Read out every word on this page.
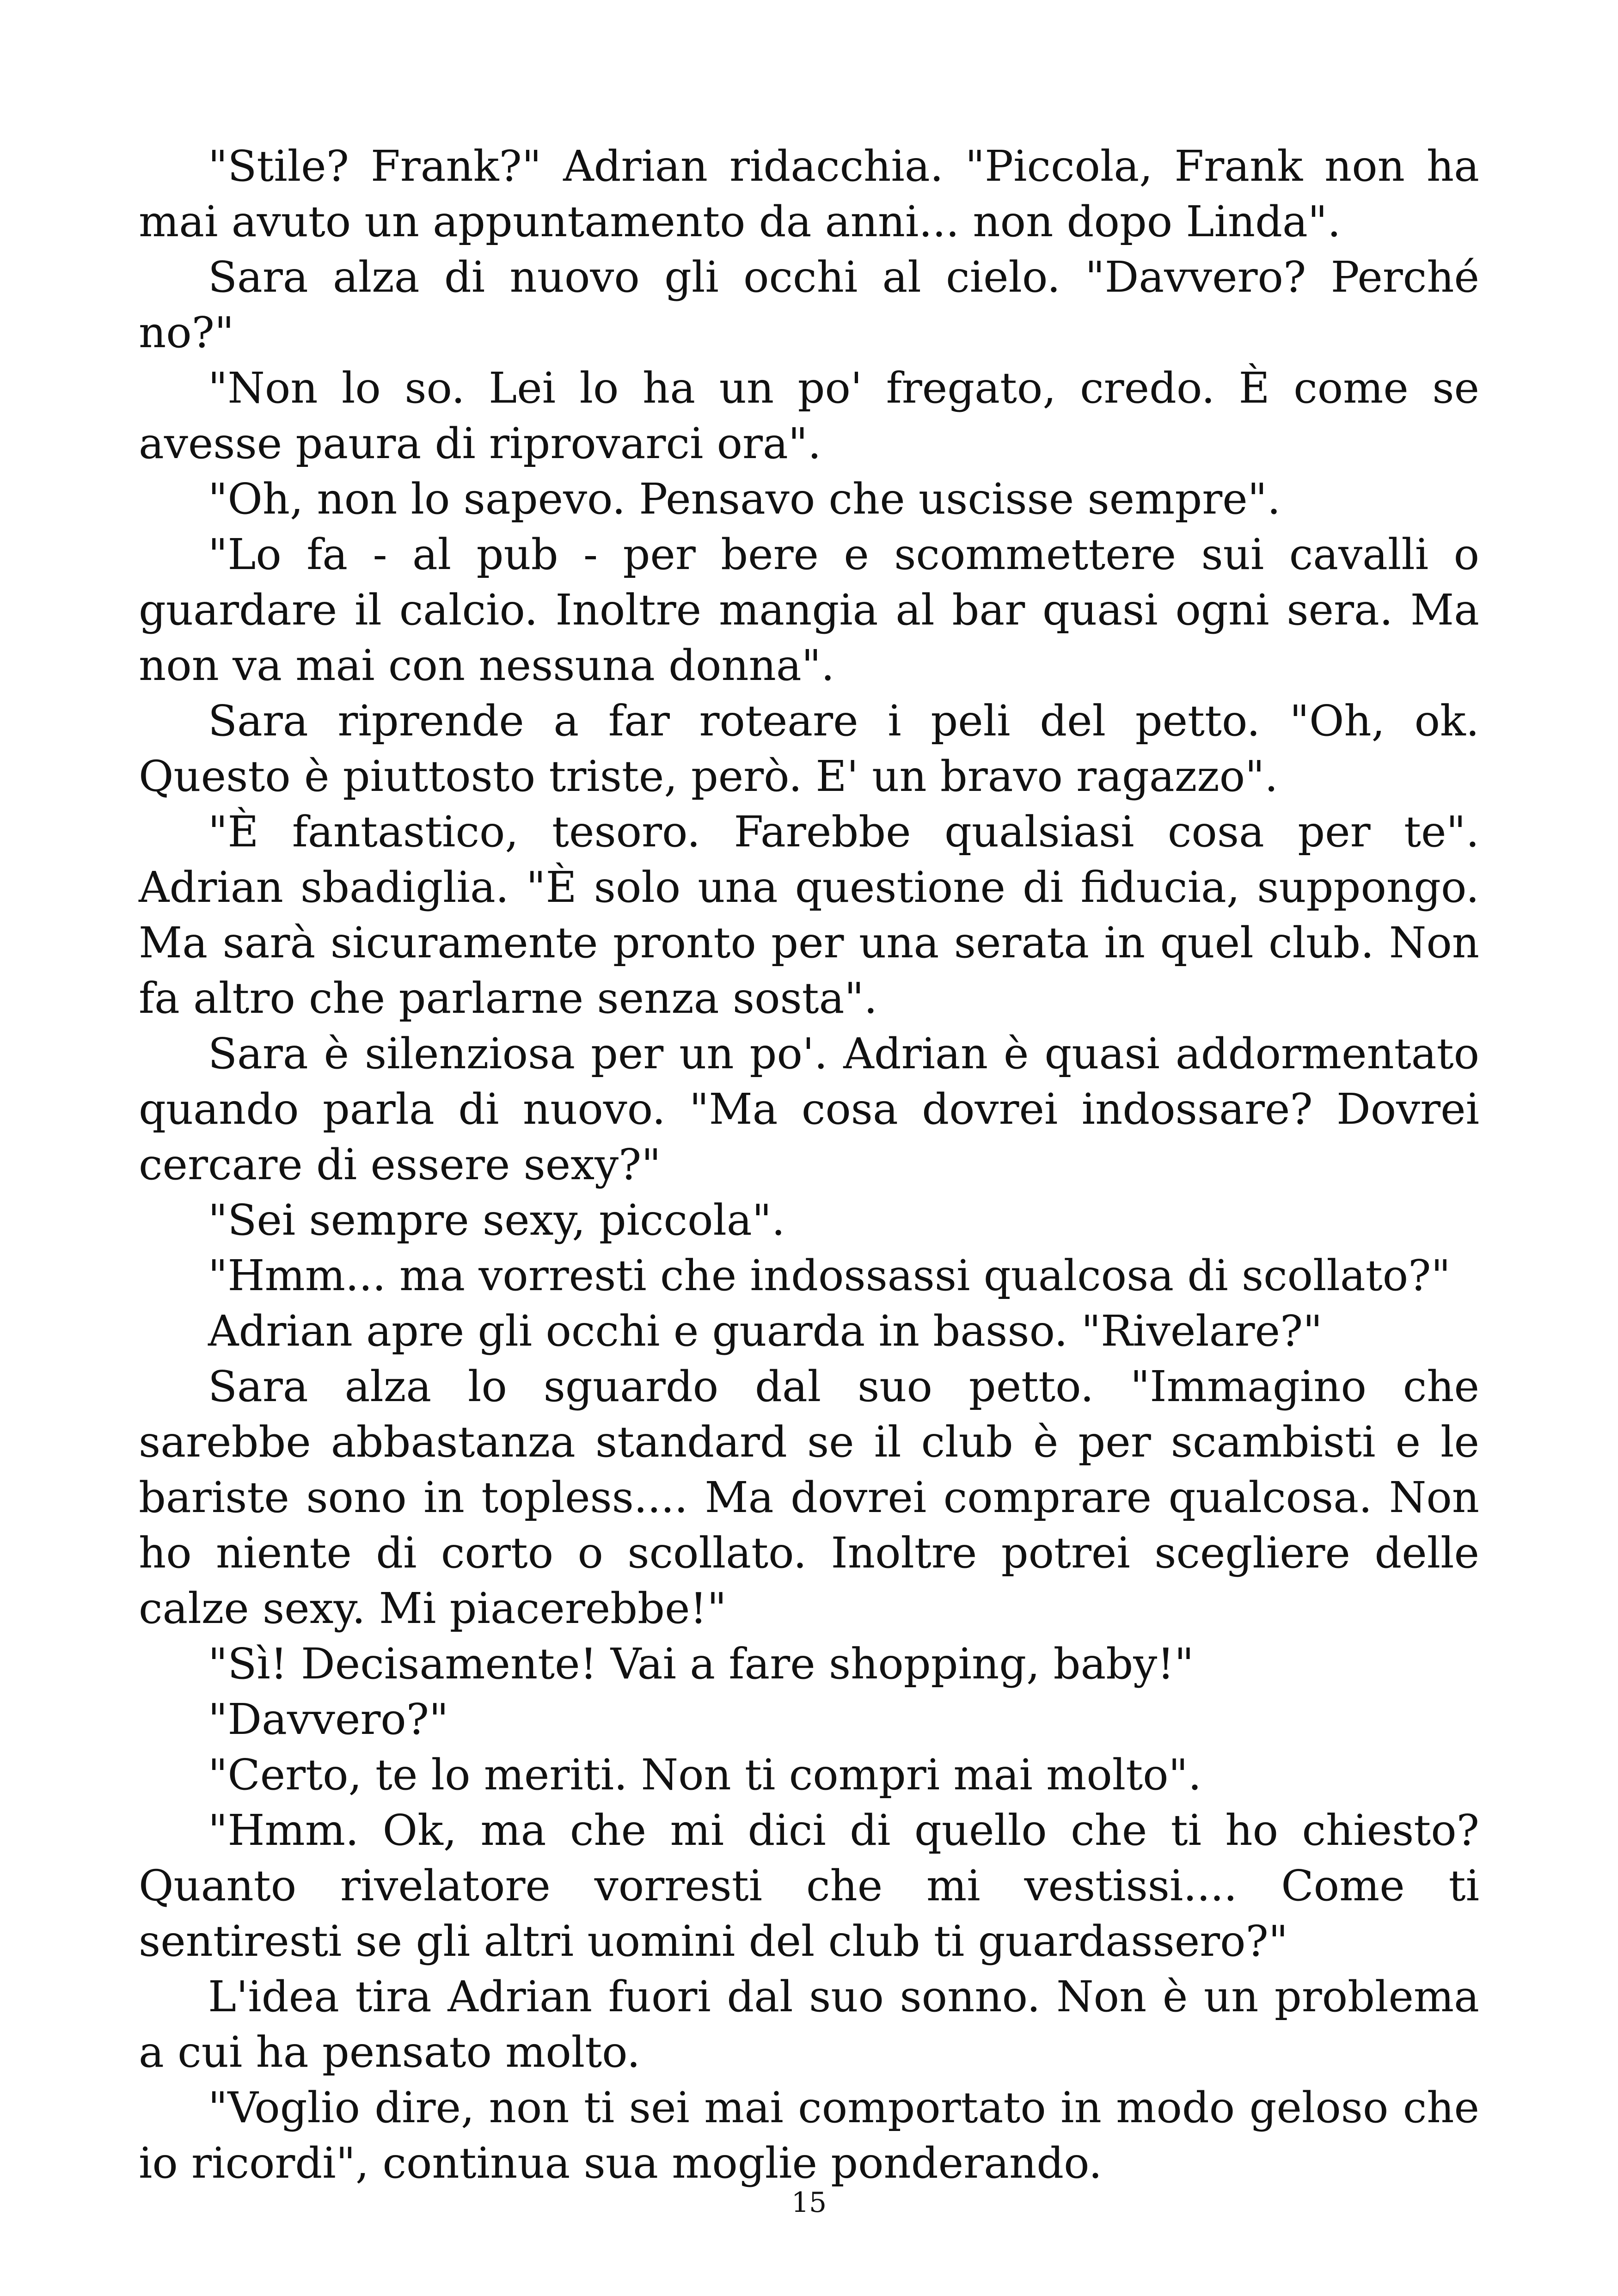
"Stile? Frank?" Adrian ridacchia. "Piccola, Frank non ha mai avuto un appuntamento da anni... non dopo Linda".

Sara alza di nuovo gli occhi al cielo. "Davvero? Perché no?"

"Non lo so. Lei lo ha un po' fregato, credo. È come se avesse paura di riprovarci ora".

"Oh, non lo sapevo. Pensavo che uscisse sempre".

"Lo fa - al pub - per bere e scommettere sui cavalli o guardare il calcio. Inoltre mangia al bar quasi ogni sera. Ma non va mai con nessuna donna".

Sara riprende a far roteare i peli del petto. "Oh, ok. Questo è piuttosto triste, però. E' un bravo ragazzo".

"È fantastico, tesoro. Farebbe qualsiasi cosa per te". Adrian sbadiglia. "È solo una questione di fiducia, suppongo. Ma sarà sicuramente pronto per una serata in quel club. Non fa altro che parlarne senza sosta".

Sara è silenziosa per un po'. Adrian è quasi addormentato quando parla di nuovo. "Ma cosa dovrei indossare? Dovrei cercare di essere sexy?"

"Sei sempre sexy, piccola".

"Hmm... ma vorresti che indossassi qualcosa di scollato?"

Adrian apre gli occhi e guarda in basso. "Rivelare?"

Sara alza lo sguardo dal suo petto. "Immagino che sarebbe abbastanza standard se il club è per scambisti e le bariste sono in topless.... Ma dovrei comprare qualcosa. Non ho niente di corto o scollato. Inoltre potrei scegliere delle calze sexy. Mi piacerebbe!"

"Sì! Decisamente! Vai a fare shopping, baby!"

"Davvero?"

"Certo, te lo meriti. Non ti compri mai molto".

"Hmm. Ok, ma che mi dici di quello che ti ho chiesto? Quanto rivelatore vorresti che mi vestissi.... Come ti sentiresti se gli altri uomini del club ti guardassero?"

L'idea tira Adrian fuori dal suo sonno. Non è un problema a cui ha pensato molto.

"Voglio dire, non ti sei mai comportato in modo geloso che io ricordi", continua sua moglie ponderando.

15
